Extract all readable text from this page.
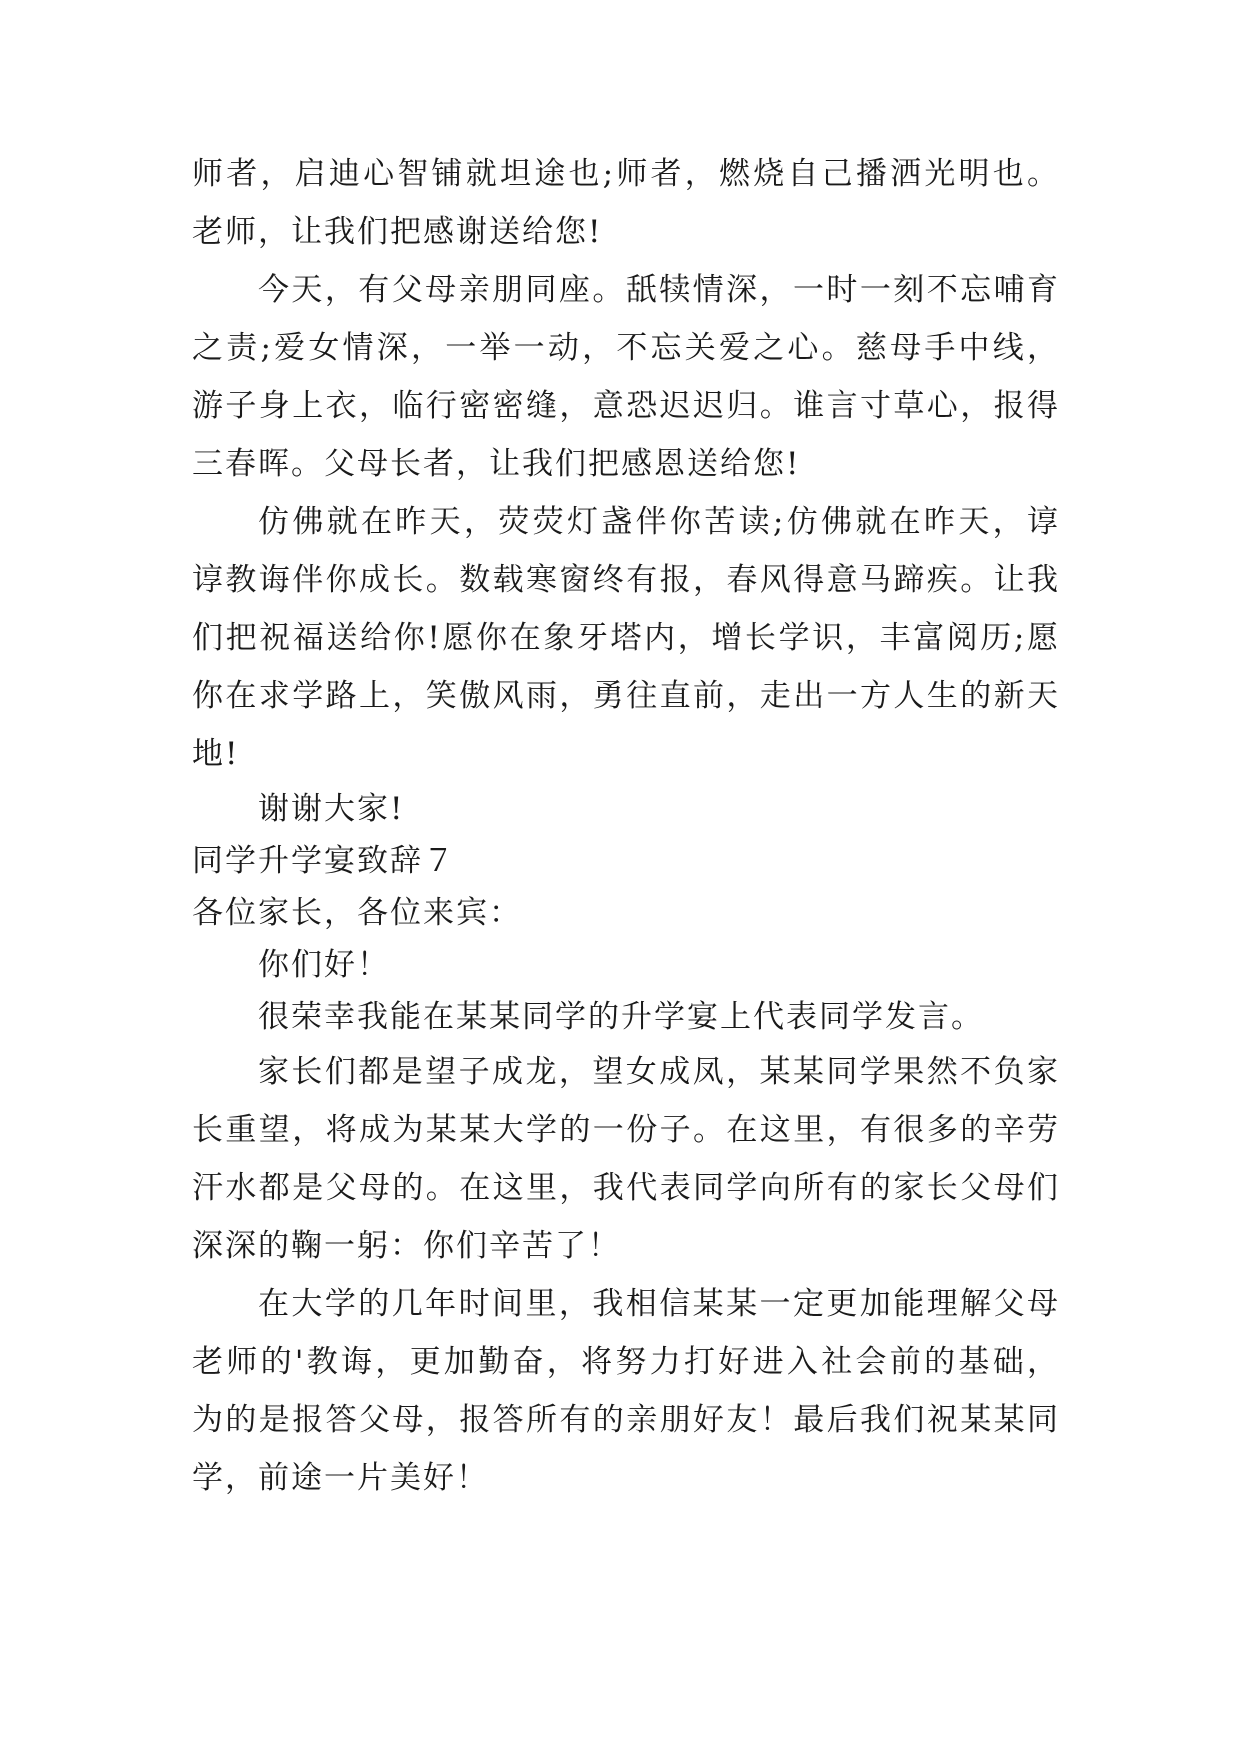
师者，启迪心智铺就坦途也;师者，燃烧自己播洒光明也。老师，让我们把感谢送给您!

今天，有父母亲朋同座。舐犊情深，一时一刻不忘哺育之责;爱女情深，一举一动，不忘关爱之心。慈母手中线，游子身上衣，临行密密缝，意恐迟迟归。谁言寸草心，报得三春晖。父母长者，让我们把感恩送给您!

仿佛就在昨天，荧荧灯盏伴你苦读;仿佛就在昨天，谆谆教诲伴你成长。数载寒窗终有报，春风得意马蹄疾。让我们把祝福送给你!愿你在象牙塔内，增长学识，丰富阅历;愿你在求学路上，笑傲风雨，勇往直前，走出一方人生的新天地!

谢谢大家!

同学升学宴致辞７

各位家长，各位来宾：

你们好！

很荣幸我能在某某同学的升学宴上代表同学发言。

家长们都是望子成龙，望女成凤，某某同学果然不负家长重望，将成为某某大学的一份子。在这里，有很多的辛劳汗水都是父母的。在这里，我代表同学向所有的家长父母们深深的鞠一躬：你们辛苦了！

在大学的几年时间里，我相信某某一定更加能理解父母老师的'教诲，更加勤奋，将努力打好进入社会前的基础，为的是报答父母，报答所有的亲朋好友！最后我们祝某某同学，前途一片美好！
